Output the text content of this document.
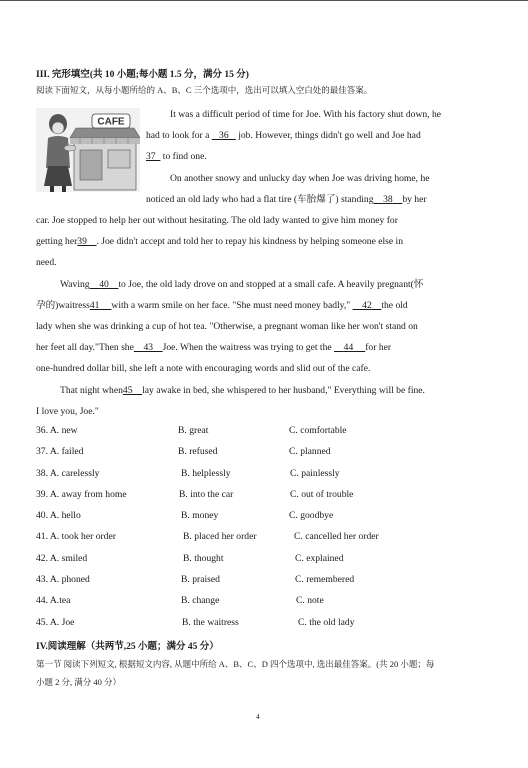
III. 完形填空(共 10 小题;每小题 1.5 分，满分 15 分)
阅读下面短文，从每小题所给的 A、B、C 三个选项中，选出可以填入空白处的最佳答案。
CAFE
It was a difficult period of time for Joe. With his factory shut down, he
had to look for a    36    job. However, things didn't go well and Joe had
37   to find one.
On another snowy and unlucky day when Joe was driving home, he
noticed an old lady who had a flat tire (车胎爆了) standing 38 by her
car. Joe stopped to help her out without hesitating. The old lady wanted to give him money for
getting her39 . Joe didn't accept and told her to repay his kindness by helping someone else in
need.
Waving 40 to Joe, the old lady drove on and stopped at a small cafe. A heavily pregnant(怀
孕的)waitress41 with a warm smile on her face. "She must need money badly,"     42 the old
lady when she was drinking a cup of hot tea. "Otherwise, a pregnant woman like her won't stand on
her feet all day."Then she 43 Joe. When the waitress was trying to get the     44 for her
one-hundred dollar bill, she left a note with encouraging words and slid out of the cafe.
That night when45 lay awake in bed, she whispered to her husband," Everything will be fine.
I love you, Joe."
36. A. new	B. great	C. comfortable
37. A. failed	B. refused	C. planned
38. A. carelessly	B. helplessly	C. painlessly
39. A. away from home	B. into the car	C. out of trouble
40. A. hello	B. money	C. goodbye
41. A. took her order	B. placed her order	C. cancelled her order
42. A. smiled	B. thought	C. explained
43. A. phoned	B. praised	C. remembered
44. A.tea	B. change	C. note
45. A. Joe	B. the waitress	C. the old lady
IV.阅读理解（共两节,25 小题；满分 45 分）
第一节 阅读下列短文, 根据短文内容, 从题中所给 A、B、C、D 四个选项中, 选出最佳答案。(共 20 小题；每
小题 2 分, 满分 40 分）
4
